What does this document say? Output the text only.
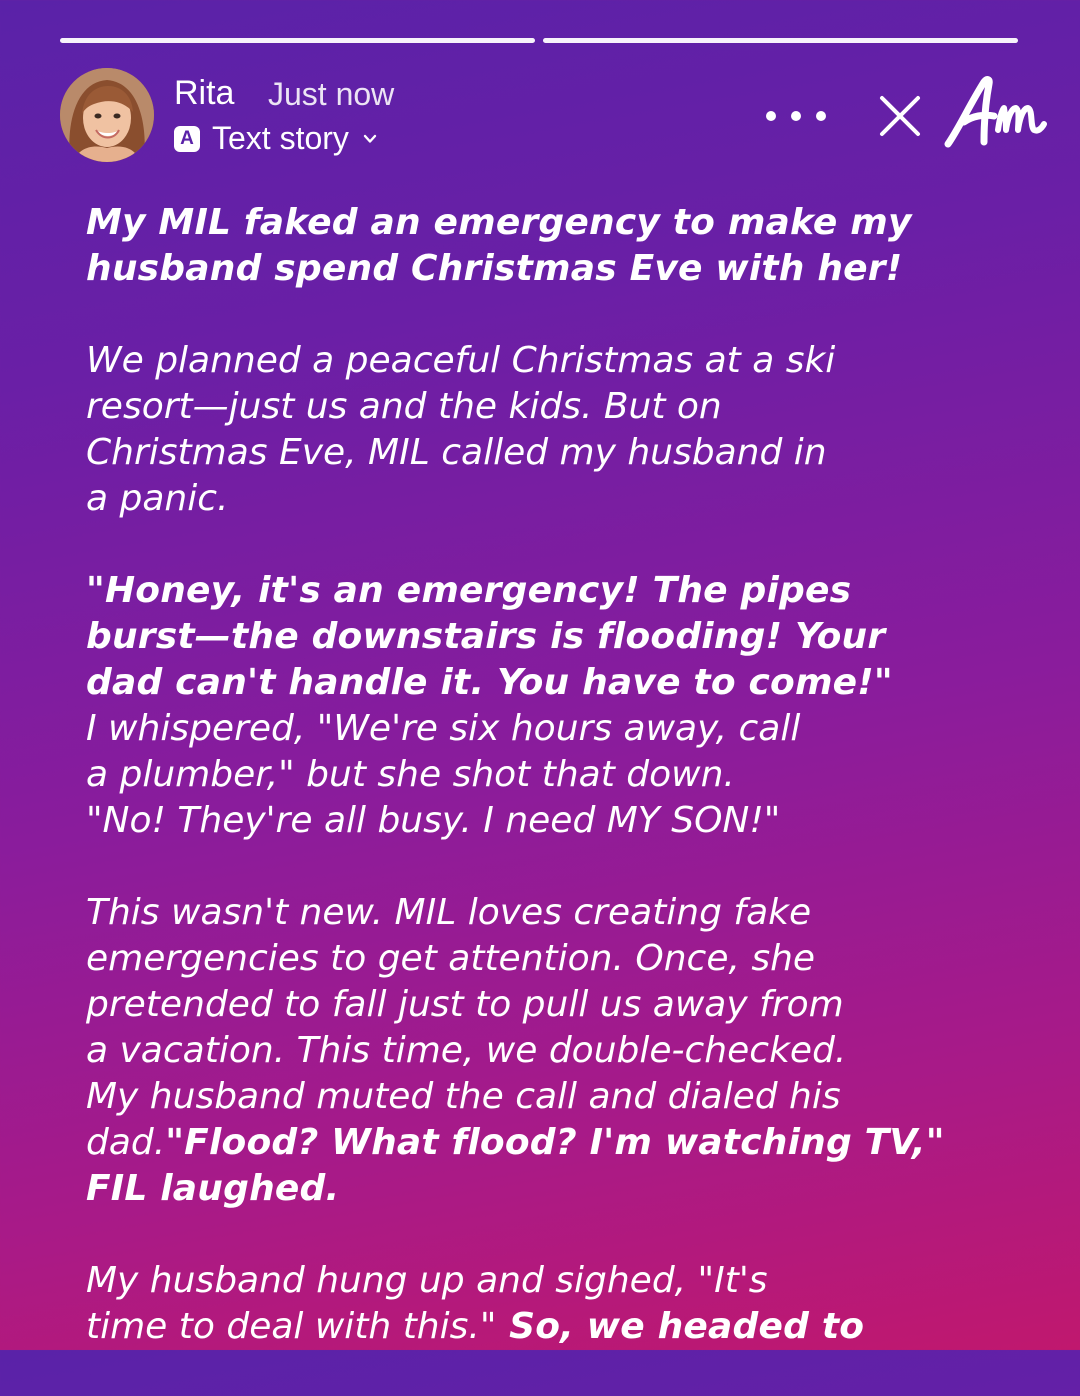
Rita Just now
A Text story

My MIL faked an emergency to make my
husband spend Christmas Eve with her!

We planned a peaceful Christmas at a ski
resort—just us and the kids. But on
Christmas Eve, MIL called my husband in
a panic.

"Honey, it's an emergency! The pipes
burst—the downstairs is flooding! Your
dad can't handle it. You have to come!"
I whispered, "We're six hours away, call
a plumber," but she shot that down.
"No! They're all busy. I need MY SON!"

This wasn't new. MIL loves creating fake
emergencies to get attention. Once, she
pretended to fall just to pull us away from
a vacation. This time, we double-checked.
My husband muted the call and dialed his
dad."Flood? What flood? I'm watching TV,"
FIL laughed.

My husband hung up and sighed, "It's
time to deal with this." So, we headed to
